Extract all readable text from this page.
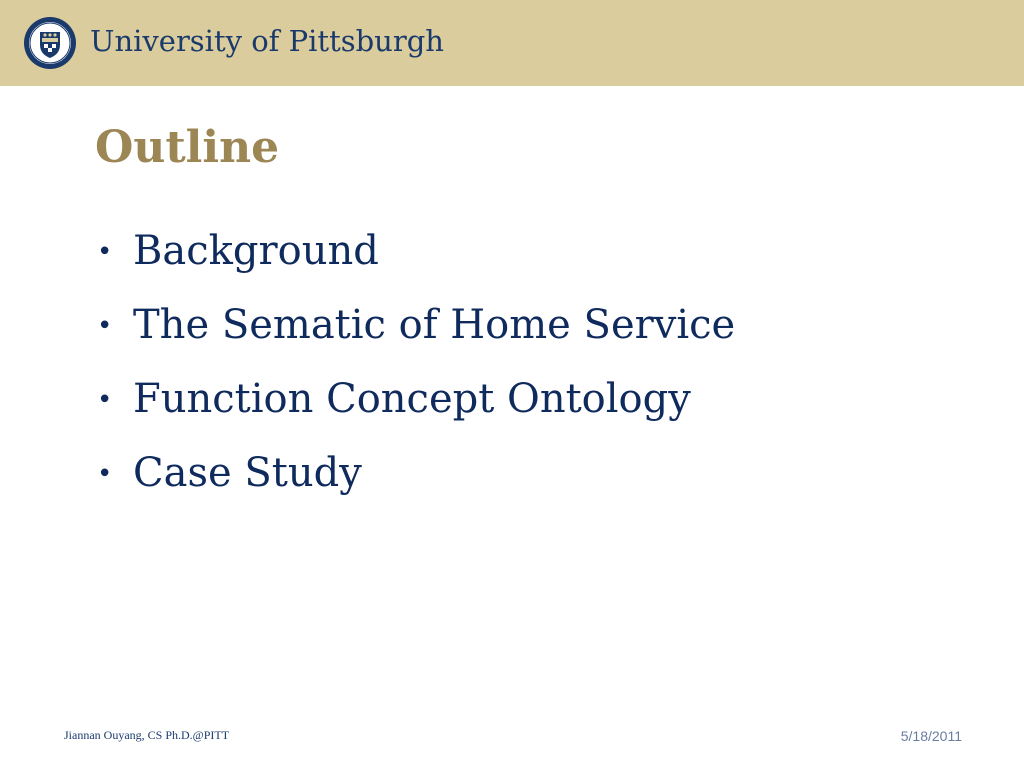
University of Pittsburgh
Outline
• Background
• The Sematic of Home Service
• Function Concept Ontology
• Case Study
Jiannan Ouyang, CS Ph.D.@PITT	5/18/2011
